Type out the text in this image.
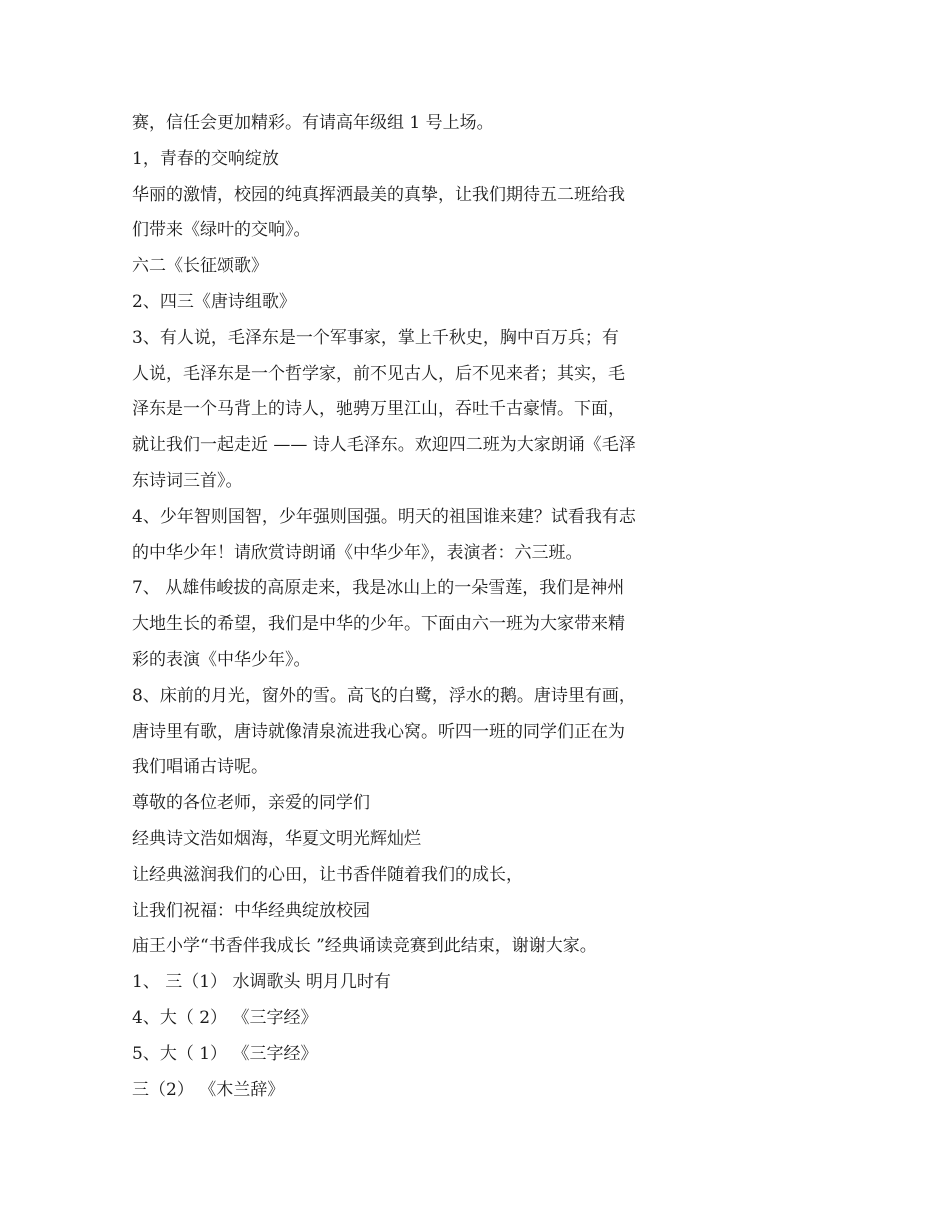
赛，信任会更加精彩。有请高年级组 1 号上场。

1，青春的交响绽放

华丽的激情，校园的纯真挥洒最美的真挚，让我们期待五二班给我

们带来《绿叶的交响》。

六二《长征颂歌》

2、四三《唐诗组歌》

3、有人说，毛泽东是一个军事家，掌上千秋史，胸中百万兵；有

人说，毛泽东是一个哲学家，前不见古人，后不见来者；其实，毛

泽东是一个马背上的诗人，驰骋万里江山，吞吐千古豪情。下面，

就让我们一起走近 —— 诗人毛泽东。欢迎四二班为大家朗诵《毛泽

东诗词三首》。

4、少年智则国智，少年强则国强。明天的祖国谁来建？试看我有志

的中华少年！请欣赏诗朗诵《中华少年》，表演者：六三班。

7、 从雄伟峻拔的高原走来，我是冰山上的一朵雪莲，我们是神州

大地生长的希望，我们是中华的少年。下面由六一班为大家带来精

彩的表演《中华少年》。

8、床前的月光，窗外的雪。高飞的白鹭，浮水的鹅。唐诗里有画，

唐诗里有歌，唐诗就像清泉流进我心窝。听四一班的同学们正在为

我们唱诵古诗呢。

尊敬的各位老师，亲爱的同学们

经典诗文浩如烟海，华夏文明光辉灿烂

让经典滋润我们的心田，让书香伴随着我们的成长，

让我们祝福：中华经典绽放校园

庙王小学“书香伴我成长 ”经典诵读竞赛到此结束，谢谢大家。

1、 三（1） 水调歌头 明月几时有

4、大（ 2） 《三字经》

5、大（ 1） 《三字经》

三（2） 《木兰辞》
